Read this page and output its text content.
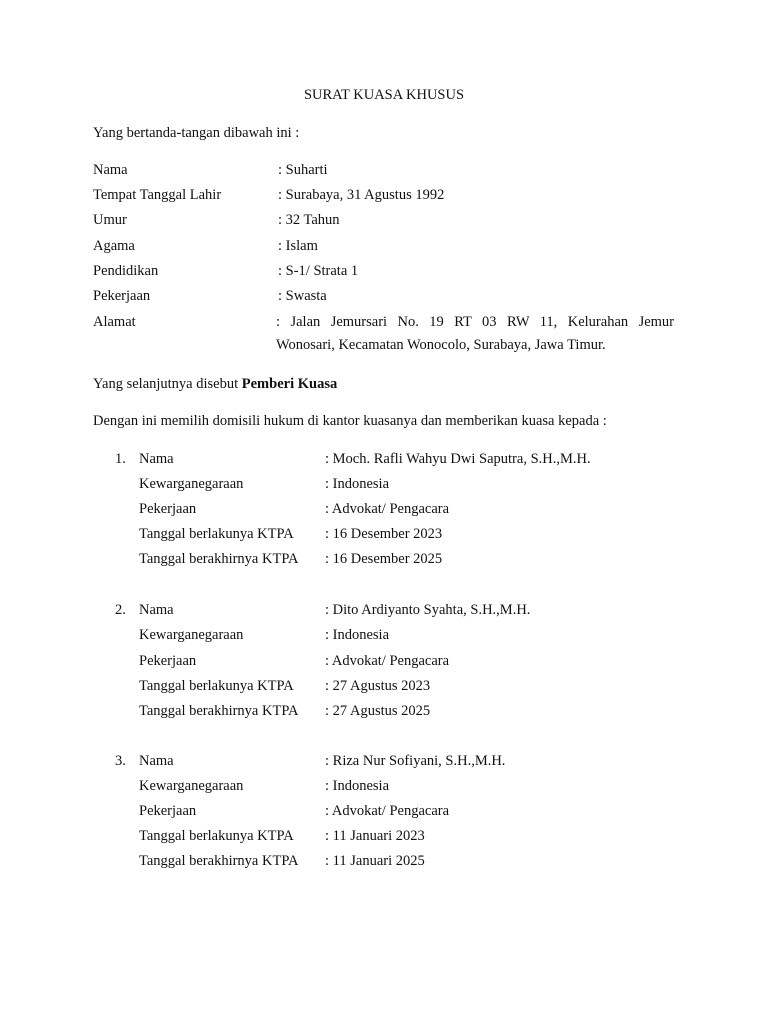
SURAT KUASA KHUSUS
Yang bertanda-tangan dibawah ini :
Nama	: Suharti
Tempat Tanggal Lahir	: Surabaya, 31 Agustus 1992
Umur	: 32 Tahun
Agama	: Islam
Pendidikan	: S-1/ Strata 1
Pekerjaan	: Swasta
Alamat	: Jalan Jemursari No. 19 RT 03 RW 11, Kelurahan Jemur
Wonosari, Kecamatan Wonocolo, Surabaya, Jawa Timur.
Yang selanjutnya disebut Pemberi Kuasa
Dengan ini memilih domisili hukum di kantor kuasanya dan memberikan kuasa kepada :
1. Nama	: Moch. Rafli Wahyu Dwi Saputra, S.H.,M.H.
Kewarganegaraan	: Indonesia
Pekerjaan	: Advokat/ Pengacara
Tanggal berlakunya KTPA : 16 Desember 2023
Tanggal berakhirnya KTPA : 16 Desember 2025
2. Nama	: Dito Ardiyanto Syahta, S.H.,M.H.
Kewarganegaraan	: Indonesia
Pekerjaan	: Advokat/ Pengacara
Tanggal berlakunya KTPA : 27 Agustus 2023
Tanggal berakhirnya KTPA : 27 Agustus 2025
3. Nama	: Riza Nur Sofiyani, S.H.,M.H.
Kewarganegaraan	: Indonesia
Pekerjaan	: Advokat/ Pengacara
Tanggal berlakunya KTPA : 11 Januari 2023
Tanggal berakhirnya KTPA : 11 Januari 2025
